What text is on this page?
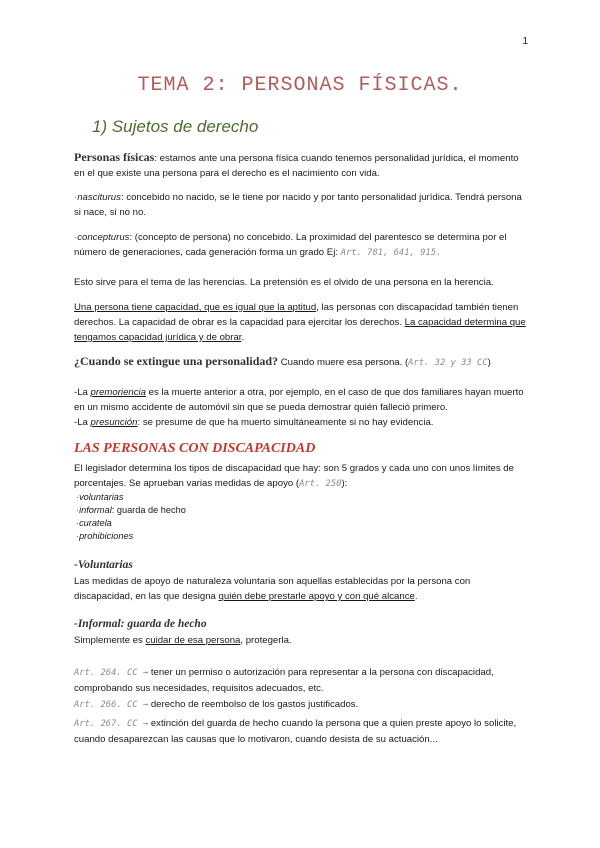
1
TEMA 2: PERSONAS FÍSICAS.
1) Sujetos de derecho
Personas físicas: estamos ante una persona física cuando tenemos personalidad jurídica, el momento en el que existe una persona para el derecho es el nacimiento con vida.
·nasciturus: concebido no nacido, se le tiene por nacido y por tanto personalidad jurídica. Tendrá persona si nace, si no no.
·concepturus: (concepto de persona) no concebido. La proximidad del parentesco se determina por el número de generaciones, cada generación forma un grado Ej: Art. 781, 641, 915.
Esto sirve para el tema de las herencias. La pretensión es el olvido de una persona en la herencia.
Una persona tiene capacidad, que es igual que la aptitud, las personas con discapacidad también tienen derechos. La capacidad de obrar es la capacidad para ejercitar los derechos. La capacidad determina que tengamos capacidad jurídica y de obrar.
¿Cuando se extingue una personalidad? Cuando muere esa persona. (Art. 32 y 33 CC)
-La premoriencia es la muerte anterior a otra, por ejemplo, en el caso de que dos familiares hayan muerto en un mismo accidente de automóvil sin que se pueda demostrar quién falleció primero.
-La presunción: se presume de que ha muerto simultáneamente si no hay evidencia.
LAS PERSONAS CON DISCAPACIDAD
El legislador determina los tipos de discapacidad que hay: son 5 grados y cada uno con unos límites de porcentajes. Se aprueban varias medidas de apoyo (Art. 250):
·voluntarias
·informal: guarda de hecho
·curatela
·prohibiciones
-Voluntarias
Las medidas de apoyo de naturaleza voluntaria son aquellas establecidas por la persona con discapacidad, en las que designa quién debe prestarle apoyo y con qué alcance.
-Informal: guarda de hecho
Simplemente es cuidar de esa persona, protegerla.
Art. 264. CC → tener un permiso o autorización para representar a la persona con discapacidad, comprobando sus necesidades, requisitos adecuados, etc.
Art. 266. CC → derecho de reembolso de los gastos justificados.
Art. 267. CC → extinción del guarda de hecho cuando la persona que a quien preste apoyo lo solicite, cuando desaparezcan las causas que lo motivaron, cuando desista de su actuación...
